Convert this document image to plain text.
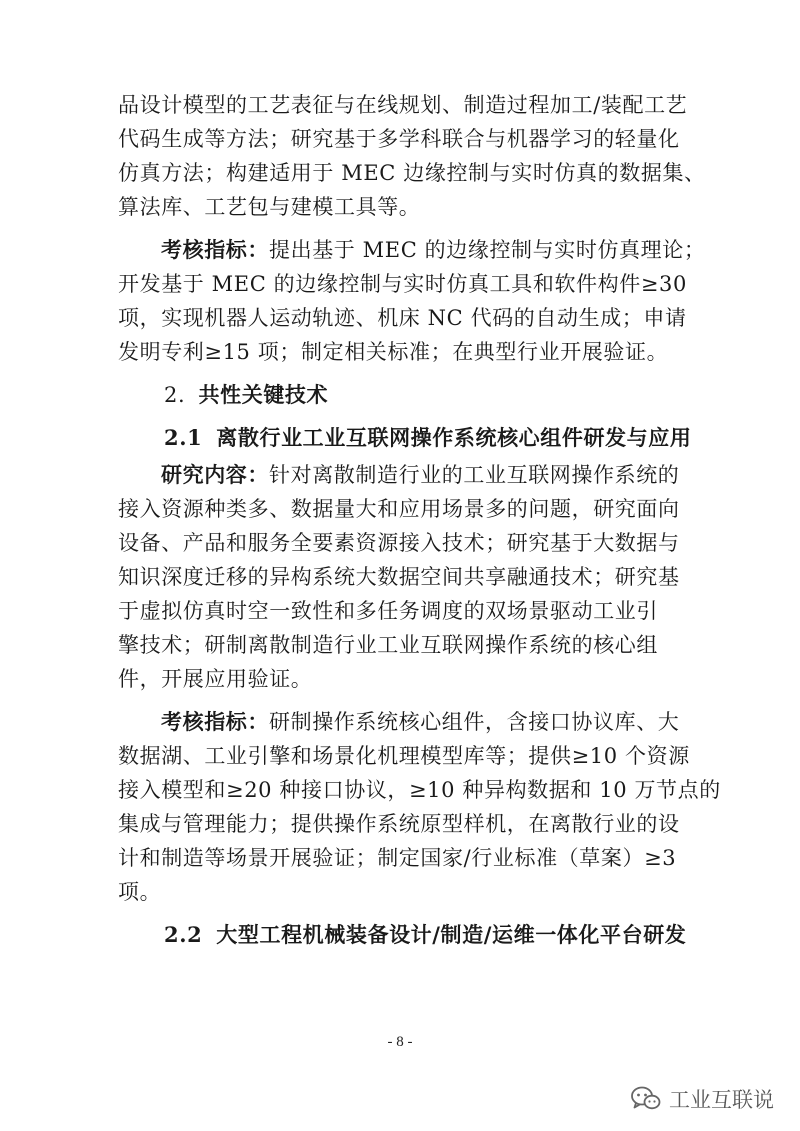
品设计模型的工艺表征与在线规划、制造过程加工/装配工艺
代码生成等方法；研究基于多学科联合与机器学习的轻量化
仿真方法；构建适用于 MEC 边缘控制与实时仿真的数据集、
算法库、工艺包与建模工具等。
考核指标：提出基于 MEC 的边缘控制与实时仿真理论；
开发基于 MEC 的边缘控制与实时仿真工具和软件构件≥30
项，实现机器人运动轨迹、机床 NC 代码的自动生成；申请
发明专利≥15 项；制定相关标准；在典型行业开展验证。
2. 共性关键技术
2.1 离散行业工业互联网操作系统核心组件研发与应用
研究内容：针对离散制造行业的工业互联网操作系统的
接入资源种类多、数据量大和应用场景多的问题，研究面向
设备、产品和服务全要素资源接入技术；研究基于大数据与
知识深度迁移的异构系统大数据空间共享融通技术；研究基
于虚拟仿真时空一致性和多任务调度的双场景驱动工业引
擎技术；研制离散制造行业工业互联网操作系统的核心组
件，开展应用验证。
考核指标：研制操作系统核心组件，含接口协议库、大
数据湖、工业引擎和场景化机理模型库等；提供≥10 个资源
接入模型和≥20 种接口协议，≥10 种异构数据和 10 万节点的
集成与管理能力；提供操作系统原型样机，在离散行业的设
计和制造等场景开展验证；制定国家/行业标准（草案）≥3
项。
2.2 大型工程机械装备设计/制造/运维一体化平台研发
- 8 -
工业互联说
